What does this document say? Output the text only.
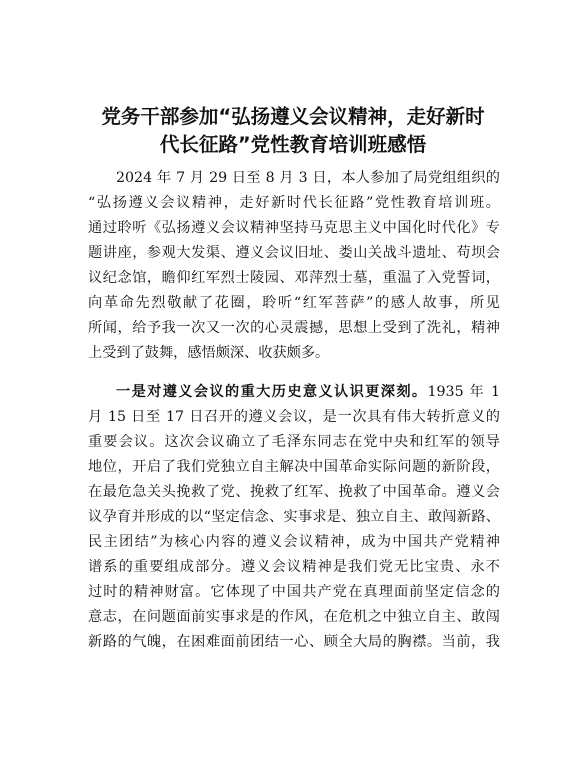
党务干部参加“弘扬遵义会议精神，走好新时
代长征路”党性教育培训班感悟
2024 年 7 月 29 日至 8 月 3 日，本人参加了局党组组织的
“弘扬遵义会议精神，走好新时代长征路”党性教育培训班。
通过聆听《弘扬遵义会议精神坚持马克思主义中国化时代化》专
题讲座，参观大发渠、遵义会议旧址、娄山关战斗遗址、苟坝会
议纪念馆，瞻仰红军烈士陵园、邓萍烈士墓，重温了入党誓词，
向革命先烈敬献了花圈，聆听“红军菩萨”的感人故事，所见
所闻，给予我一次又一次的心灵震撼，思想上受到了洗礼，精神
上受到了鼓舞，感悟颇深、收获颇多。
一是对遵义会议的重大历史意义认识更深刻。1935 年 1
月 15 日至 17 日召开的遵义会议，是一次具有伟大转折意义的
重要会议。这次会议确立了毛泽东同志在党中央和红军的领导
地位，开启了我们党独立自主解决中国革命实际问题的新阶段，
在最危急关头挽救了党、挽救了红军、挽救了中国革命。遵义会
议孕育并形成的以“坚定信念、实事求是、独立自主、敢闯新路、
民主团结”为核心内容的遵义会议精神，成为中国共产党精神
谱系的重要组成部分。遵义会议精神是我们党无比宝贵、永不
过时的精神财富。它体现了中国共产党在真理面前坚定信念的
意志，在问题面前实事求是的作风，在危机之中独立自主、敢闯
新路的气魄，在困难面前团结一心、顾全大局的胸襟。当前，我
